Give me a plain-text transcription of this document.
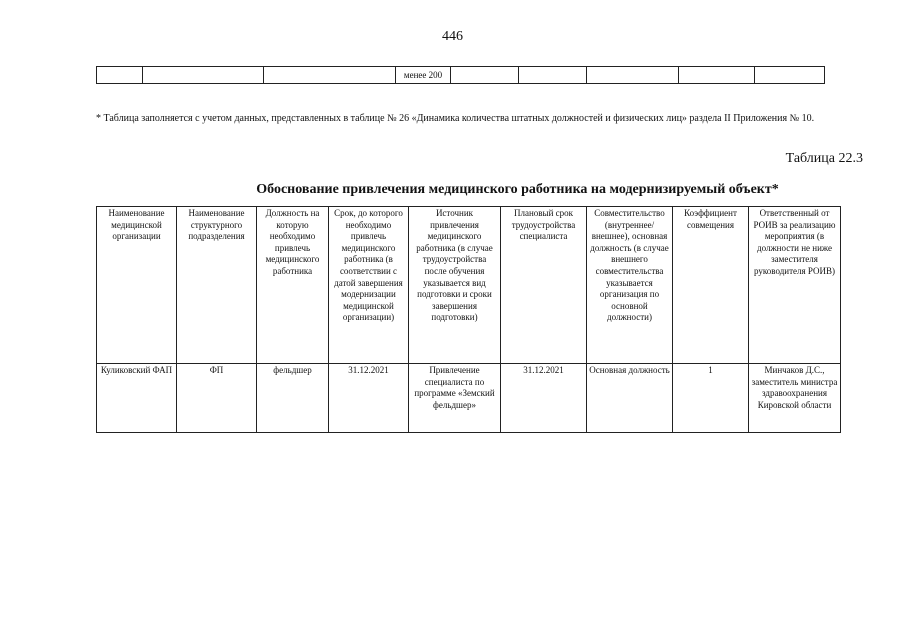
446
			менее 200					
* Таблица заполняется с учетом данных, представленных в таблице № 26 «Динамика количества штатных должностей и физических лиц» раздела II Приложения № 10.
Таблица 22.3
Обоснование привлечения медицинского работника на модернизируемый объект*
Наименование медицинской организации	Наименование структурного подразделения	Должность на которую необходимо привлечь медицинского работника	Срок, до которого необходимо привлечь медицинского работника (в соответствии с датой завершения модернизации медицинской организации)	Источник привлечения медицинского работника (в случае трудоустройства после обучения указывается вид подготовки и сроки завершения подготовки)	Плановый срок трудоустройства специалиста	Совместительство (внутреннее/внешнее), основная должность (в случае внешнего совместительства указывается организация по основной должности)	Коэффициент совмещения	Ответственный от РОИВ за реализацию мероприятия (в должности не ниже заместителя руководителя РОИВ)
Куликовский ФАП	ФП	фельдшер	31.12.2021	Привлечение специалиста по программе «Земский фельдшер»	31.12.2021	Основная должность	1	Минчаков Д.С., заместитель министра здравоохранения Кировской области
